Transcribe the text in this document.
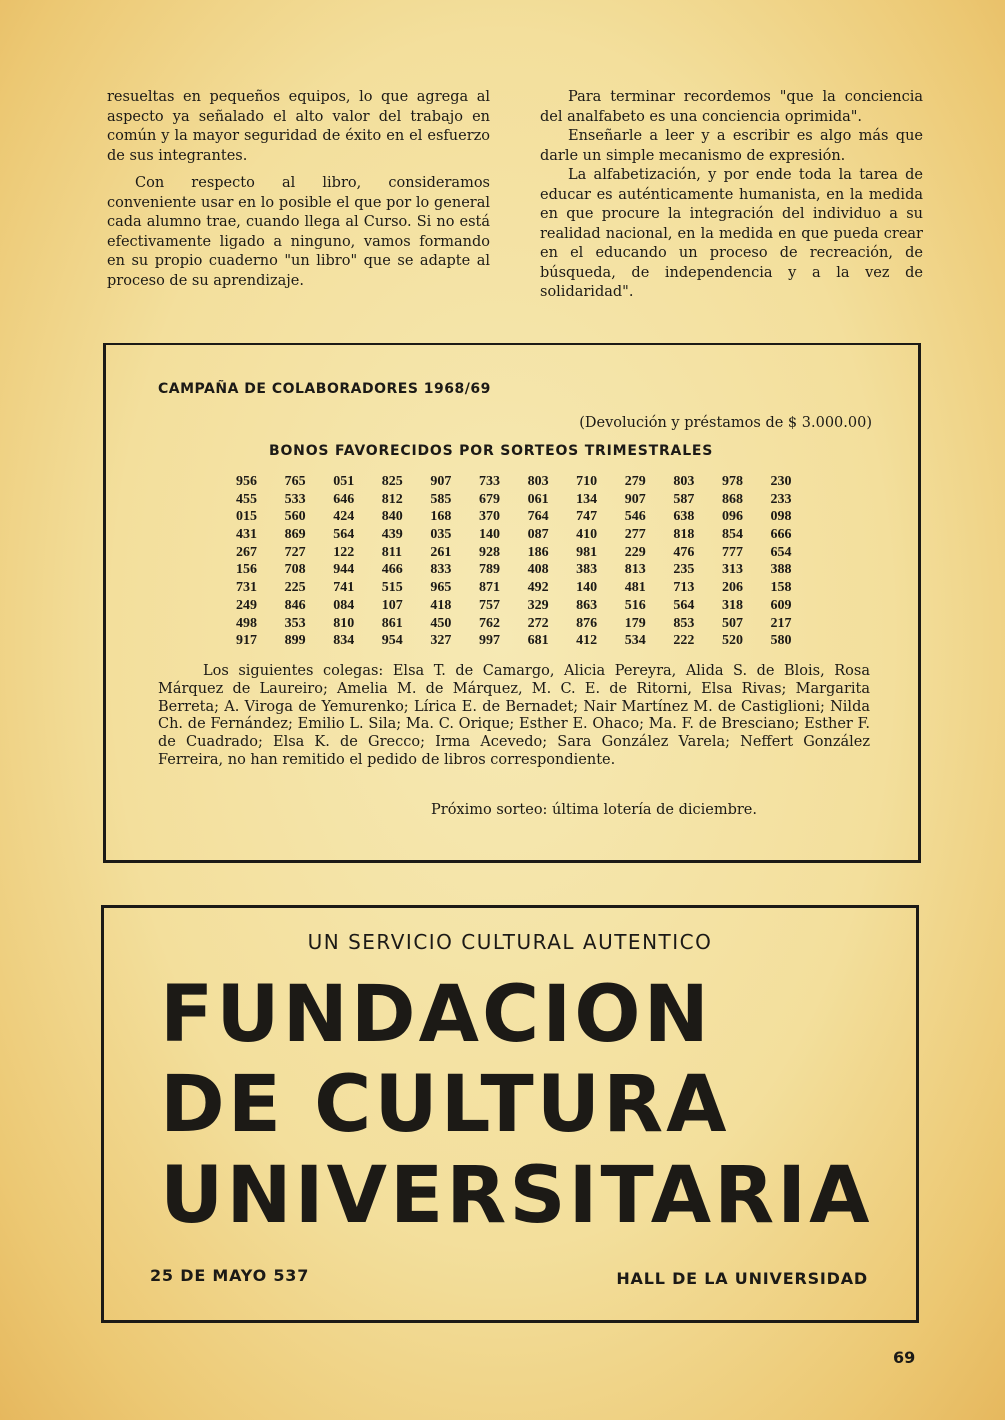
resueltas en pequeños equipos, lo que agrega al aspecto ya señalado el alto valor del trabajo en común y la mayor seguridad de éxito en el esfuerzo de sus integrantes.

Con respecto al libro, consideramos conveniente usar en lo posible el que por lo general cada alumno trae, cuando llega al Curso. Si no está efectivamente ligado a ninguno, vamos formando en su propio cuaderno "un libro" que se adapte al proceso de su aprendizaje.

Para terminar recordemos "que la conciencia del analfabeto es una conciencia oprimida".

Enseñarle a leer y a escribir es algo más que darle un simple mecanismo de expresión.

La alfabetización, y por ende toda la tarea de educar es auténticamente humanista, en la medida en que procure la integración del individuo a su realidad nacional, en la medida en que pueda crear en el educando un proceso de recreación, de búsqueda, de independencia y a la vez de solidaridad".

CAMPAÑA DE COLABORADORES 1968/69
(Devolución y préstamos de $ 3.000.00)
BONOS FAVORECIDOS POR SORTEOS TRIMESTRALES
956	765	051	825	907	733	803	710	279	803	978	230
455	533	646	812	585	679	061	134	907	587	868	233
015	560	424	840	168	370	764	747	546	638	096	098
431	869	564	439	035	140	087	410	277	818	854	666
267	727	122	811	261	928	186	981	229	476	777	654
156	708	944	466	833	789	408	383	813	235	313	388
731	225	741	515	965	871	492	140	481	713	206	158
249	846	084	107	418	757	329	863	516	564	318	609
498	353	810	861	450	762	272	876	179	853	507	217
917	899	834	954	327	997	681	412	534	222	520	580
Los siguientes colegas: Elsa T. de Camargo, Alicia Pereyra, Alida S. de Blois, Rosa Márquez de Laureiro; Amelia M. de Márquez, M. C. E. de Ritorni, Elsa Rivas; Margarita Berreta; A. Viroga de Yemurenko; Lírica E. de Bernadet; Nair Martínez M. de Castiglioni; Nilda Ch. de Fernández; Emilio L. Sila; Ma. C. Orique; Esther E. Ohaco; Ma. F. de Bresciano; Esther F. de Cuadrado; Elsa K. de Grecco; Irma Acevedo; Sara González Varela; Neffert González Ferreira, no han remitido el pedido de libros correspondiente.
Próximo sorteo: última lotería de diciembre.
UN SERVICIO CULTURAL AUTENTICO
FUNDACION
DE CULTURA
UNIVERSITARIA
25 DE MAYO 537	HALL DE LA UNIVERSIDAD
69
